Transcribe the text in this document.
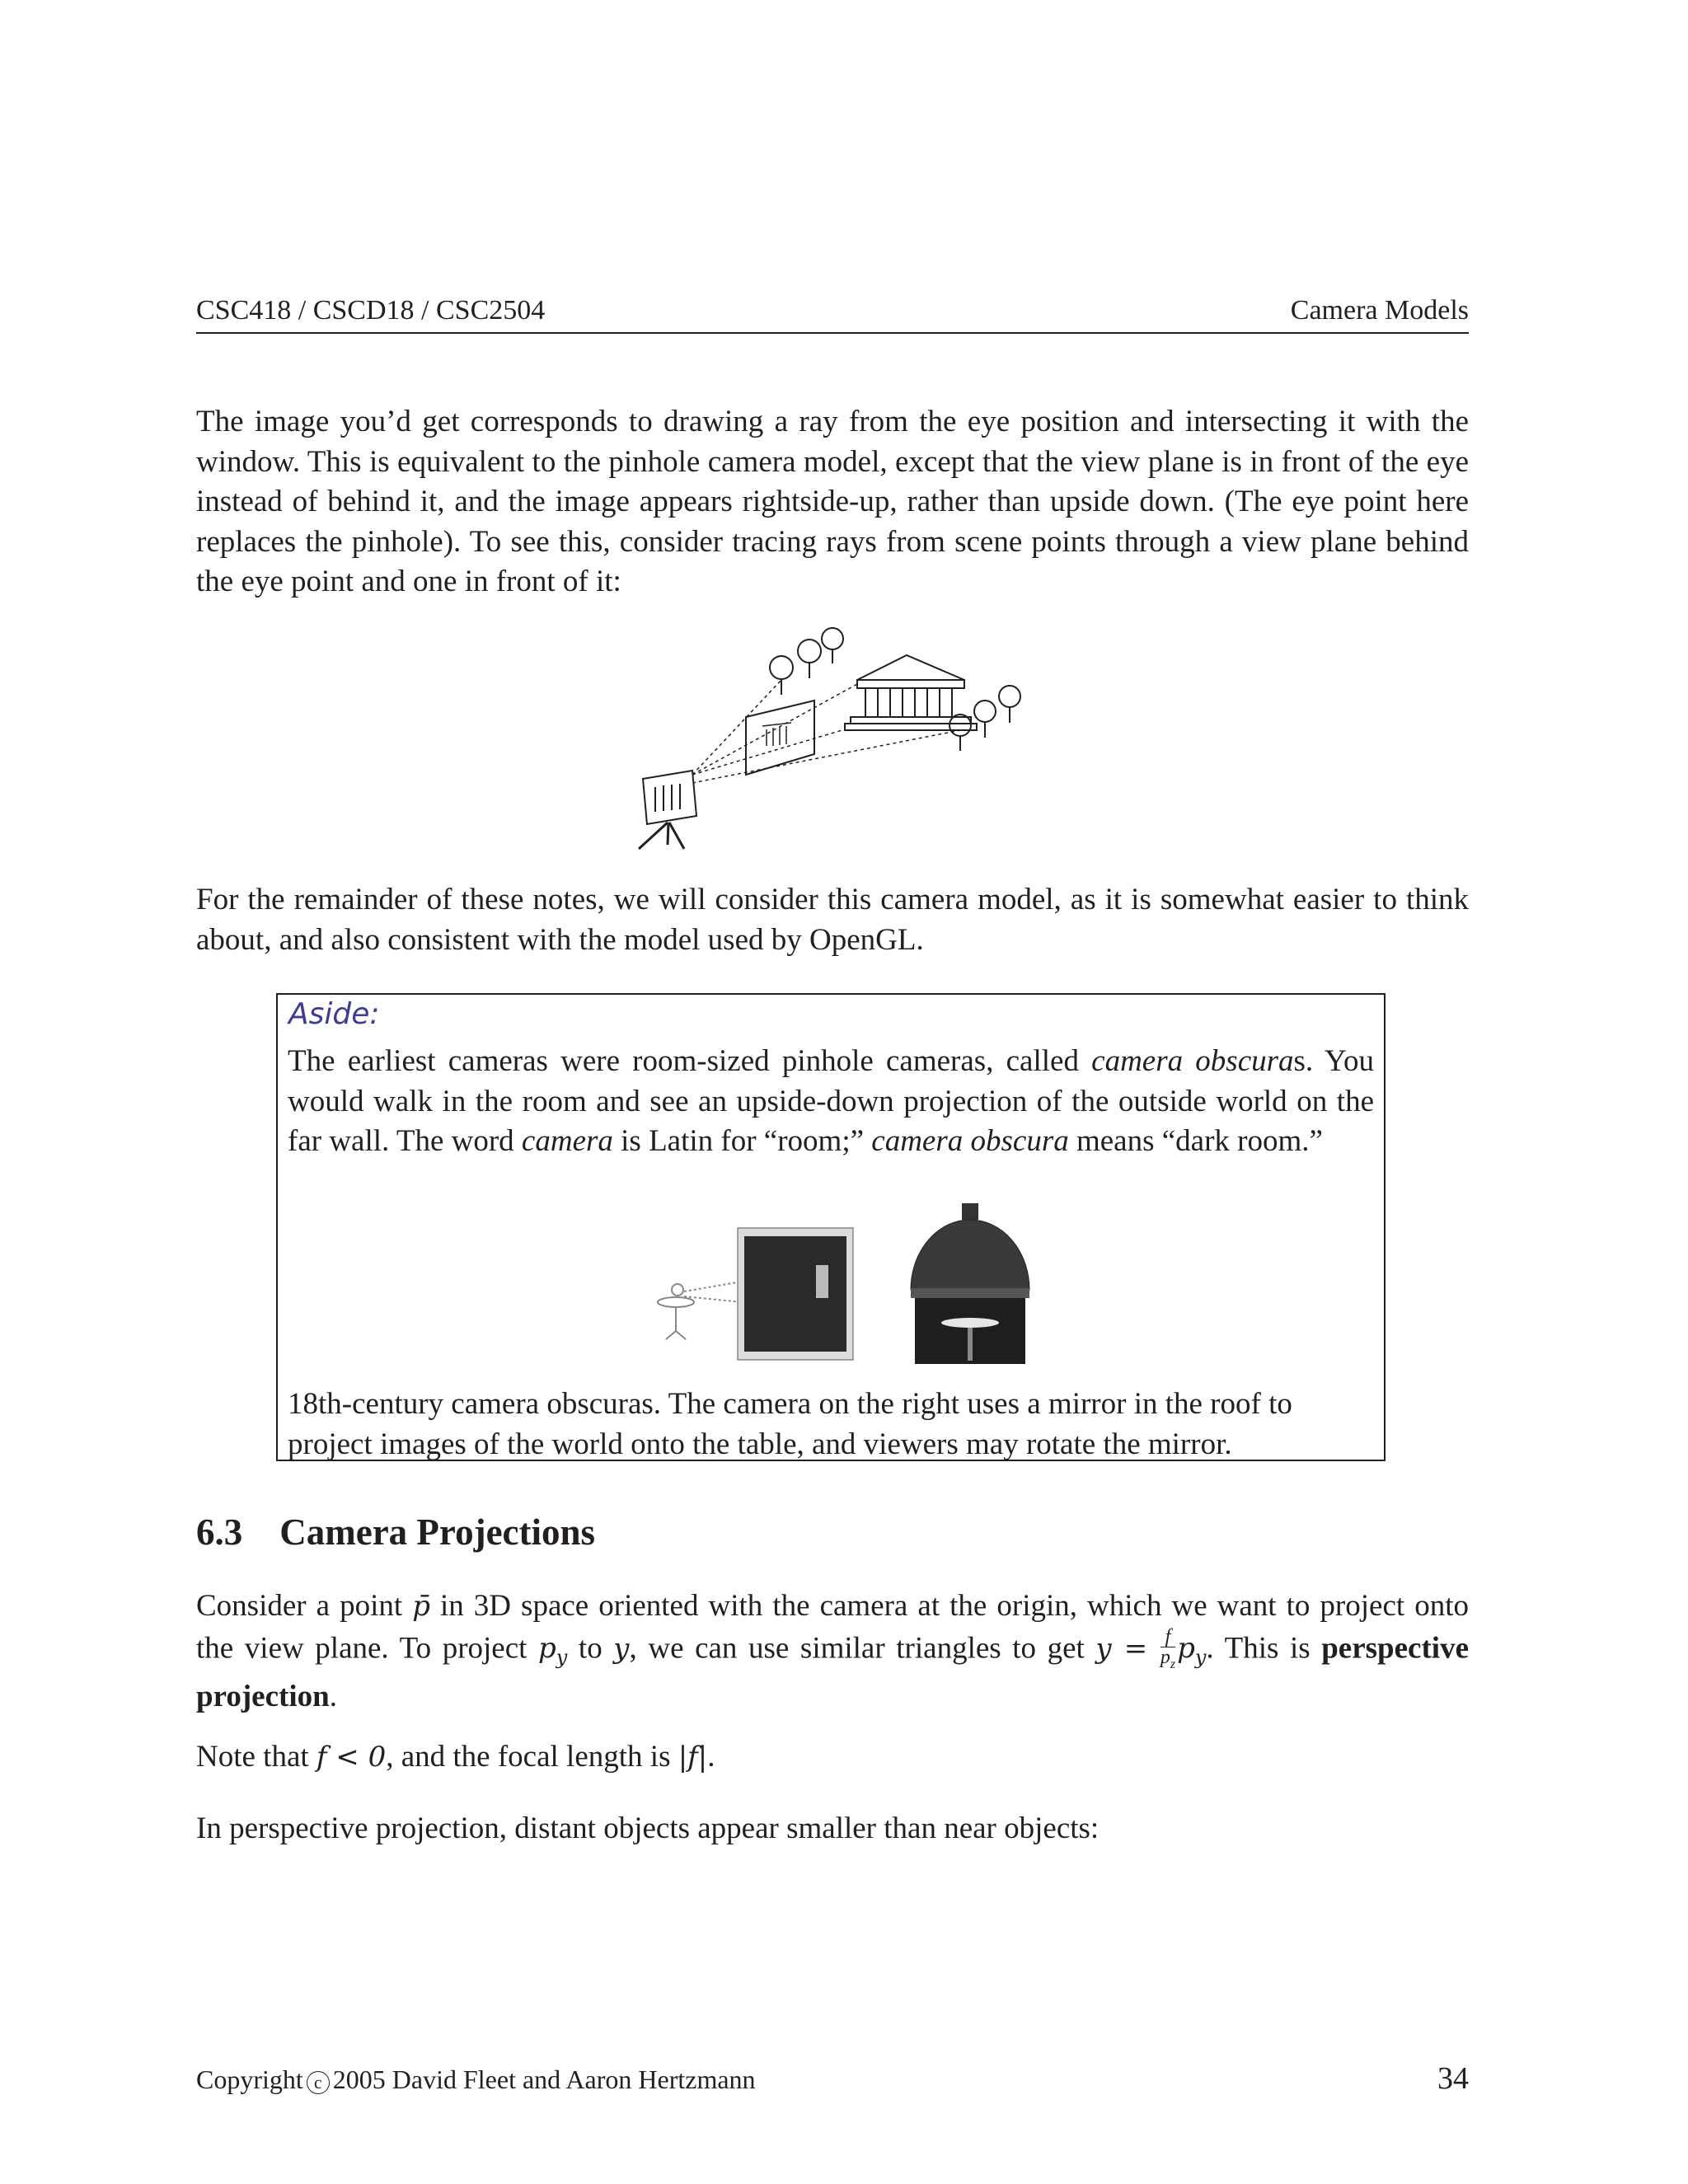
CSC418 / CSCD18 / CSC2504	Camera Models

The image you’d get corresponds to drawing a ray from the eye position and intersecting it with the window. This is equivalent to the pinhole camera model, except that the view plane is in front of the eye instead of behind it, and the image appears rightside-up, rather than upside down. (The eye point here replaces the pinhole). To see this, consider tracing rays from scene points through a view plane behind the eye point and one in front of it:

For the remainder of these notes, we will consider this camera model, as it is somewhat easier to think about, and also consistent with the model used by OpenGL.

Aside:

The earliest cameras were room-sized pinhole cameras, called camera obscuras. You would walk in the room and see an upside-down projection of the outside world on the far wall. The word camera is Latin for “room;” camera obscura means “dark room.”

18th-century camera obscuras. The camera on the right uses a mirror in the roof to project images of the world onto the table, and viewers may rotate the mirror.

6.3 Camera Projections

Consider a point p̄ in 3D space oriented with the camera at the origin, which we want to project onto the view plane. To project $p_y$ to y, we can use similar triangles to get $y = \frac{f}{p_z} p_y$. This is perspective projection.

Note that f < 0, and the focal length is |f|.

In perspective projection, distant objects appear smaller than near objects:

Copyright c 2005 David Fleet and Aaron Hertzmann	34
